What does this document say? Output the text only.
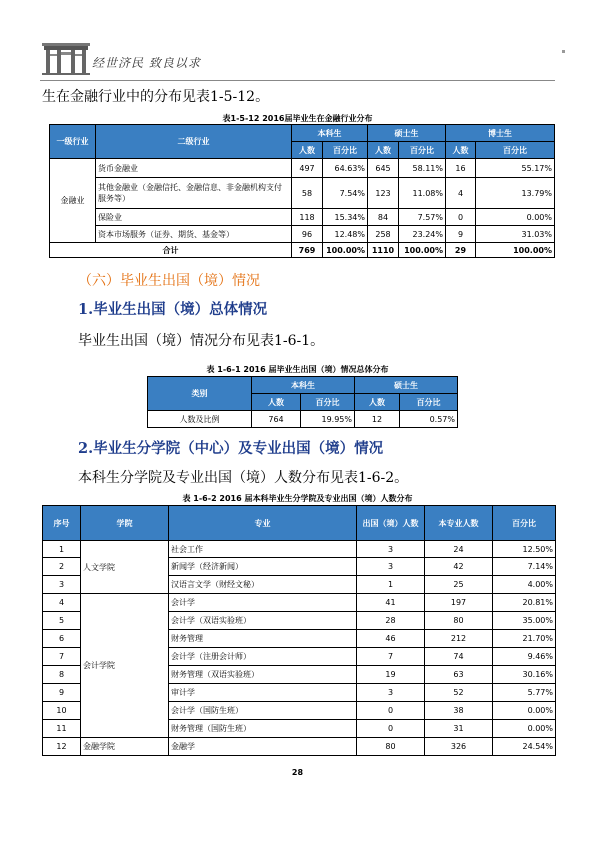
经世济民 致良以求
生在金融行业中的分布见表1-5-12。
表1-5-12 2016届毕业生在金融行业分布
一级行业	二级行业	本科生		硕士生		博士生	
		人数	百分比	人数	百分比	人数	百分比
金融业	货币金融业	497	64.63%	645	58.11%	16	55.17%
	其他金融业（金融信托、金融信息、非金融机构支付服务等）	58	7.54%	123	11.08%	4	13.79%
	保险业	118	15.34%	84	7.57%	0	0.00%
	资本市场服务（证券、期货、基金等）	96	12.48%	258	23.24%	9	31.03%
合计		769	100.00%	1110	100.00%	29	100.00%
（六）毕业生出国（境）情况
1.毕业生出国（境）总体情况
毕业生出国（境）情况分布见表1-6-1。
表 1-6-1 2016 届毕业生出国（境）情况总体分布
类别	本科生		硕士生	
	人数	百分比	人数	百分比
人数及比例	764	19.95%	12	0.57%
2.毕业生分学院（中心）及专业出国（境）情况
本科生分学院及专业出国（境）人数分布见表1-6-2。
表 1-6-2 2016 届本科毕业生分学院及专业出国（境）人数分布
序号	学院	专业	出国（境）人数	本专业人数	百分比
1	人文学院	社会工作	3	24	12.50%
2		新闻学（经济新闻）	3	42	7.14%
3		汉语言文学（财经文秘）	1	25	4.00%
4	会计学院	会计学	41	197	20.81%
5		会计学（双语实验班）	28	80	35.00%
6		财务管理	46	212	21.70%
7		会计学（注册会计师）	7	74	9.46%
8		财务管理（双语实验班）	19	63	30.16%
9		审计学	3	52	5.77%
10		会计学（国防生班）	0	38	0.00%
11		财务管理（国防生班）	0	31	0.00%
12	金融学院	金融学	80	326	24.54%
28
